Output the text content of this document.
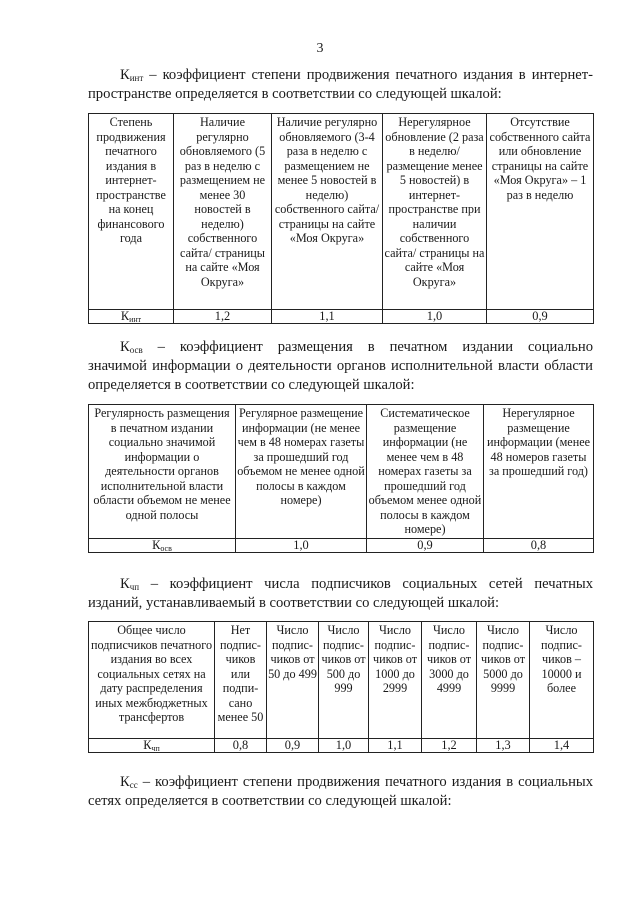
3
$К_{инт}$ – коэффициент степени продвижения печатного издания в интернет-
пространстве определяется в соответствии со следующей шкалой:
Степень продвижения печатного издания в интернет-пространстве на конец финансового года	Наличие регулярно обновляемого (5 раз в неделю с размещением не менее 30 новостей в неделю) собственного сайта/ страницы на сайте «Моя Округа»	Наличие регулярно обновляемого (3-4 раза в неделю с размещением не менее 5 новостей в неделю) собственного сайта/ страницы на сайте «Моя Округа»	Нерегулярное обновление (2 раза в неделю/ размещение менее 5 новостей) в интернет-пространстве при наличии собственного сайта/ страницы на сайте «Моя Округа»	Отсутствие собственного сайта или обновление страницы на сайте «Моя Округа» – 1 раз в неделю
$К_{инт}$	1,2	1,1	1,0	0,9
$К_{осв}$ – коэффициент размещения в печатном издании социально
значимой информации о деятельности органов исполнительной власти области определяется в соответствии со следующей шкалой:
Регулярность размещения в печатном издании социально значимой информации о деятельности органов исполнительной власти области объемом не менее одной полосы	Регулярное размещение информации (не менее чем в 48 номерах газеты за прошедший год объемом не менее одной полосы в каждом номере)	Систематическое размещение информации (не менее чем в 48 номерах газеты за прошедший год объемом менее одной полосы в каждом номере)	Нерегулярное размещение информации (менее 48 номеров газеты за прошедший год)
$К_{осв}$	1,0	0,9	0,8
$К_{чп}$ – коэффициент числа подписчиков социальных сетей печатных
изданий, устанавливаемый в соответствии со следующей шкалой:
Общее число подписчиков печатного издания во всех социальных сетях на дату распределения иных межбюджетных трансфертов	Нет подпис-чиков или подпи-сано менее 50	Число подпис-чиков от 50 до 499	Число подпис-чиков от 500 до 999	Число подпис-чиков от 1000 до 2999	Число подпис-чиков от 3000 до 4999	Число подпис-чиков от 5000 до 9999	Число подпис-чиков – 10000 и более
$К_{чп}$	0,8	0,9	1,0	1,1	1,2	1,3	1,4
$К_{сс}$ – коэффициент степени продвижения печатного издания в социальных
сетях определяется в соответствии со следующей шкалой:
